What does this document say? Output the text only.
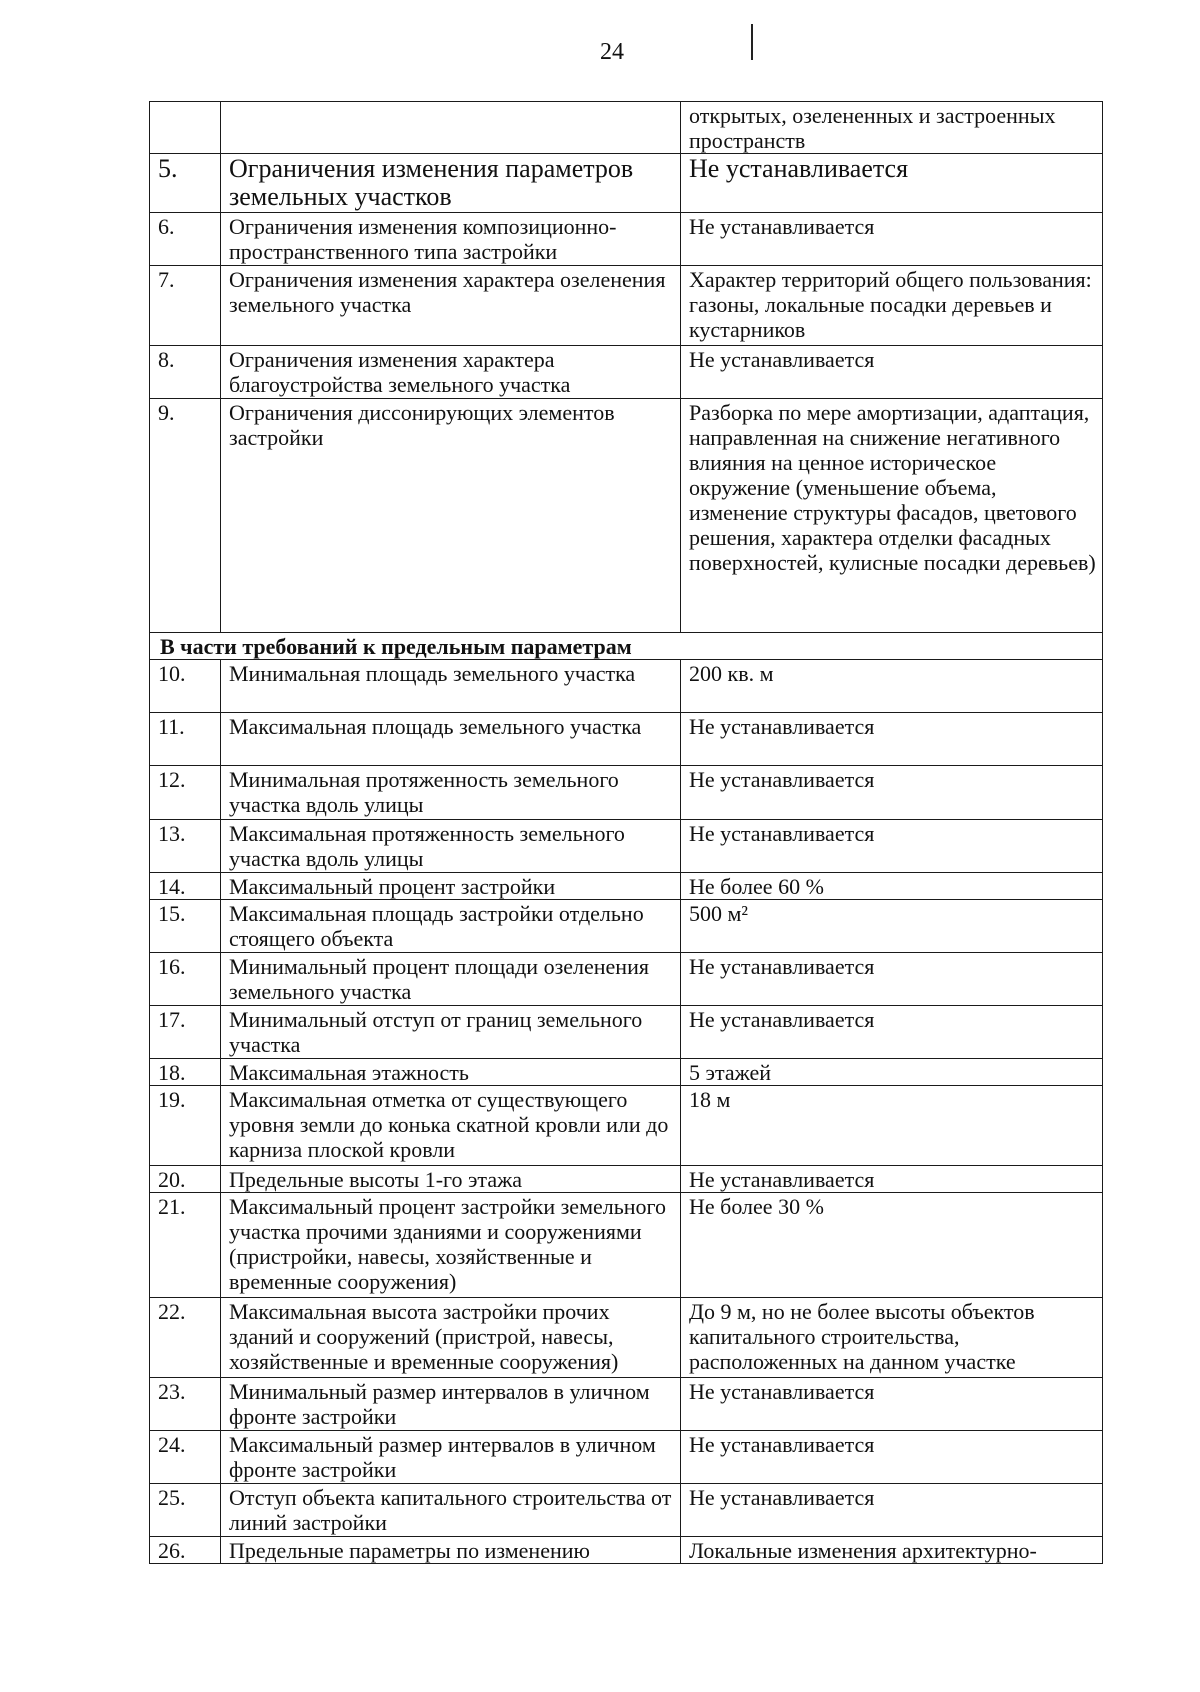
24
		открытых, озелененных и застроенных пространств
5.	Ограничения изменения параметров земельных участков	Не устанавливается
6.	Ограничения изменения композиционно-пространственного типа застройки	Не устанавливается
7.	Ограничения изменения характера озеленения земельного участка	Характер территорий общего пользования: газоны, локальные посадки деревьев и кустарников
8.	Ограничения изменения характера благоустройства земельного участка	Не устанавливается
9.	Ограничения диссонирующих элементов застройки	Разборка по мере амортизации, адаптация, направленная на снижение негативного влияния на ценное историческое окружение (уменьшение объема, изменение структуры фасадов, цветового решения, характера отделки фасадных поверхностей, кулисные посадки деревьев)
В части требований к предельным параметрам		
10.	Минимальная площадь земельного участка	200 кв. м
11.	Максимальная площадь земельного участка	Не устанавливается
12.	Минимальная протяженность земельного участка вдоль улицы	Не устанавливается
13.	Максимальная протяженность земельного участка вдоль улицы	Не устанавливается
14.	Максимальный процент застройки	Не более 60 %
15.	Максимальная площадь застройки отдельно стоящего объекта	500 м²
16.	Минимальный процент площади озеленения земельного участка	Не устанавливается
17.	Минимальный отступ от границ земельного участка	Не устанавливается
18.	Максимальная этажность	5 этажей
19.	Максимальная отметка от существующего уровня земли до конька скатной кровли или до карниза плоской кровли	18 м
20.	Предельные высоты 1-го этажа	Не устанавливается
21.	Максимальный процент застройки земельного участка прочими зданиями и сооружениями (пристройки, навесы, хозяйственные и временные сооружения)	Не более 30 %
22.	Максимальная высота застройки прочих зданий и сооружений (пристрой, навесы, хозяйственные и временные сооружения)	До 9 м, но не более высоты объектов капитального строительства, расположенных на данном участке
23.	Минимальный размер интервалов в уличном фронте застройки	Не устанавливается
24.	Максимальный размер интервалов в уличном фронте застройки	Не устанавливается
25.	Отступ объекта капитального строительства от линий застройки	Не устанавливается
26.	Предельные параметры по изменению	Локальные изменения архитектурно-
